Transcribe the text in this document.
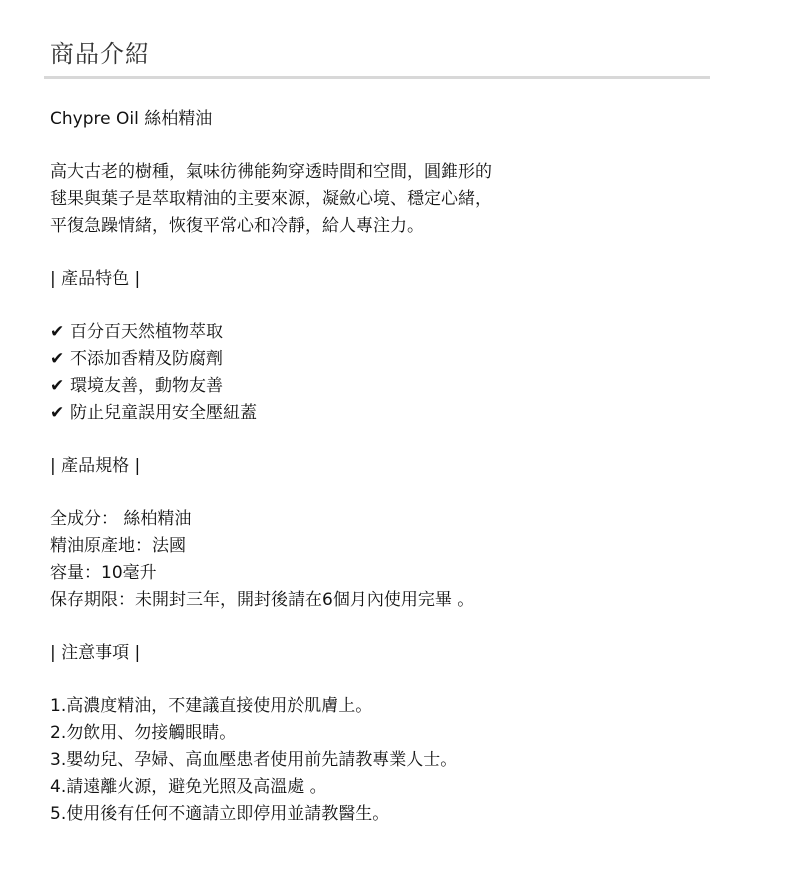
商品介紹
Chypre Oil 絲柏精油
高大古老的樹種，氣味彷彿能夠穿透時間和空間，圓錐形的
毬果與葉子是萃取精油的主要來源，凝斂心境、穩定心緒，
平復急躁情緒，恢復平常心和冷靜，給人專注力。
| 產品特色 |
✔ 百分百天然植物萃取
✔ 不添加香精及防腐劑
✔ 環境友善，動物友善
✔ 防止兒童誤用安全壓紐蓋
| 產品規格 |
全成分： 絲柏精油
精油原產地：法國
容量：10毫升
保存期限：未開封三年，開封後請在6個月內使用完畢 。
| 注意事項 |
1.高濃度精油，不建議直接使用於肌膚上。
2.勿飲用、勿接觸眼睛。
3.嬰幼兒、孕婦、高血壓患者使用前先請教專業人士。
4.請遠離火源，避免光照及高溫處 。
5.使用後有任何不適請立即停用並請教醫生。
